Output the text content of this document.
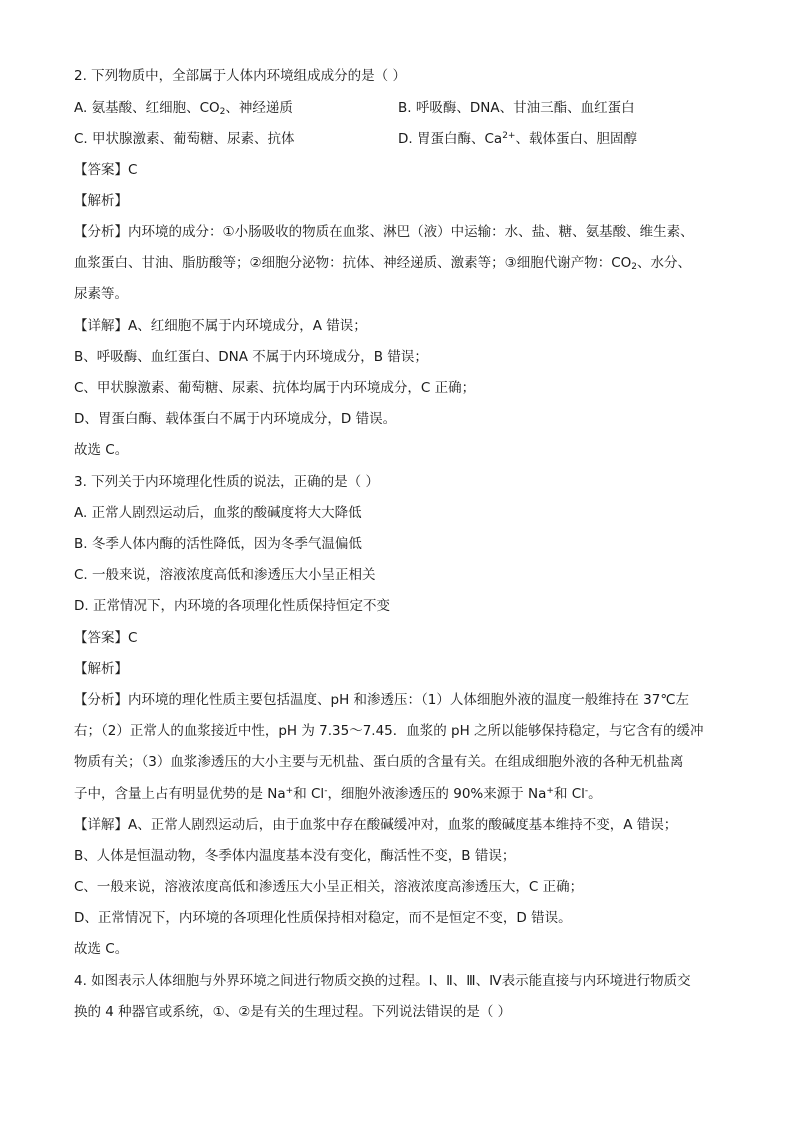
2. 下列物质中，全部属于人体内环境组成成分的是（ ）
A. 氨基酸、红细胞、$CO_2$、神经递质	B. 呼吸酶、DNA、甘油三酯、血红蛋白
C. 甲状腺激素、葡萄糖、尿素、抗体	D. 胃蛋白酶、$Ca^{2+}$、载体蛋白、胆固醇
【答案】C
【解析】
【分析】内环境的成分：①小肠吸收的物质在血浆、淋巴（液）中运输：水、盐、糖、氨基酸、维生素、
血浆蛋白、甘油、脂肪酸等；②细胞分泌物：抗体、神经递质、激素等；③细胞代谢产物：$CO_2$、水分、
尿素等。
【详解】A、红细胞不属于内环境成分，A 错误；
B、呼吸酶、血红蛋白、DNA 不属于内环境成分，B 错误；
C、甲状腺激素、葡萄糖、尿素、抗体均属于内环境成分，C 正确；
D、胃蛋白酶、载体蛋白不属于内环境成分，D 错误。
故选 C。
3. 下列关于内环境理化性质的说法，正确的是（ ）
A. 正常人剧烈运动后，血浆的酸碱度将大大降低
B. 冬季人体内酶的活性降低，因为冬季气温偏低
C. 一般来说，溶液浓度高低和渗透压大小呈正相关
D. 正常情况下，内环境的各项理化性质保持恒定不变
【答案】C
【解析】
【分析】内环境的理化性质主要包括温度、pH 和渗透压：（1）人体细胞外液的温度一般维持在 37℃左
右；（2）正常人的血浆接近中性，pH 为 7.35～7.45．血浆的 pH 之所以能够保持稳定，与它含有的缓冲
物质有关；（3）血浆渗透压的大小主要与无机盐、蛋白质的含量有关。在组成细胞外液的各种无机盐离
子中，含量上占有明显优势的是 Na+和 Cl-，细胞外液渗透压的 90%来源于 Na+和 Cl-。
【详解】A、正常人剧烈运动后，由于血浆中存在酸碱缓冲对，血浆的酸碱度基本维持不变，A 错误；
B、人体是恒温动物，冬季体内温度基本没有变化，酶活性不变，B 错误；
C、一般来说，溶液浓度高低和渗透压大小呈正相关，溶液浓度高渗透压大，C 正确；
D、正常情况下，内环境的各项理化性质保持相对稳定，而不是恒定不变，D 错误。
故选 C。
4. 如图表示人体细胞与外界环境之间进行物质交换的过程。Ⅰ、Ⅱ、Ⅲ、Ⅳ表示能直接与内环境进行物质交
换的 4 种器官或系统，①、②是有关的生理过程。下列说法错误的是（ ）
